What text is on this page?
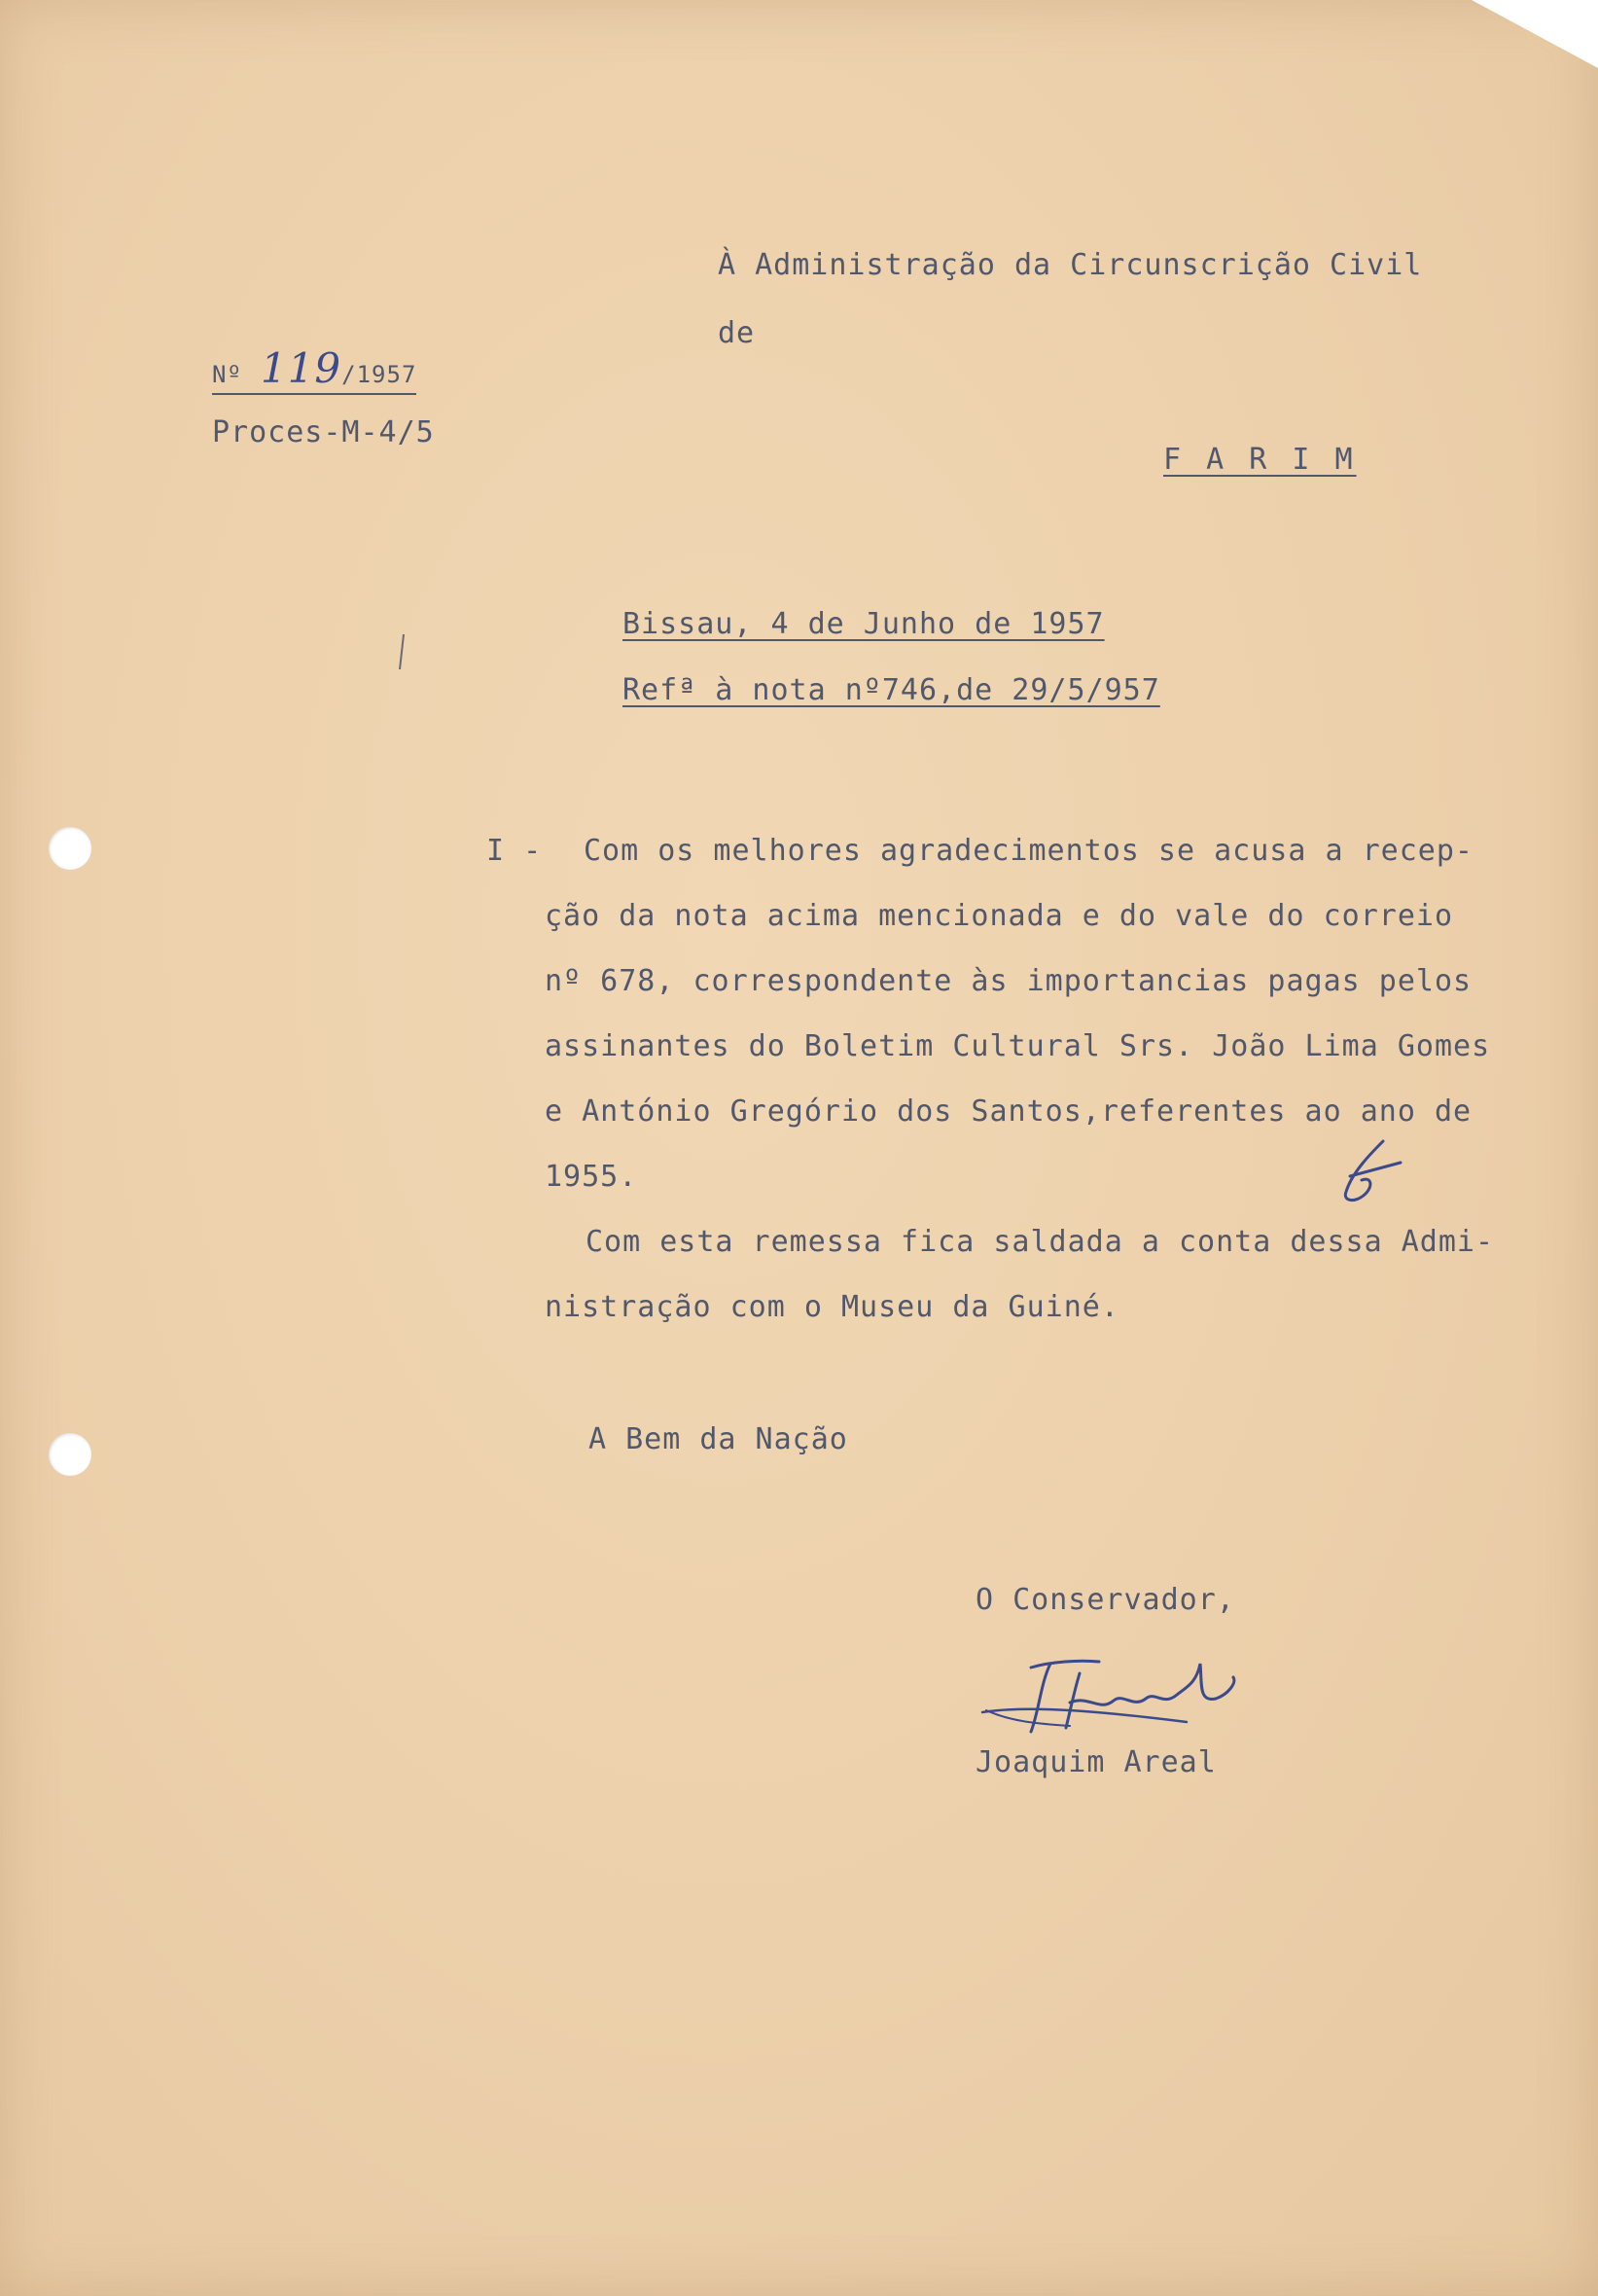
À Administração da Circunscrição Civil
de
F A R I M
Nº 119/1957
Proces-M-4/5
Bissau, 4 de Junho de 1957
Refª à nota nº746,de 29/5/957
I - Com os melhores agradecimentos se acusa a recep-
ção da nota acima mencionada e do vale do correio
nº 678, correspondente às importancias pagas pelos
assinantes do Boletim Cultural Srs. João Lima Gomes
e António Gregório dos Santos,referentes ao ano de
1955.
Com esta remessa fica saldada a conta dessa Admi-
nistração com o Museu da Guiné.
A Bem da Nação
O Conservador,
Joaquim Areal
